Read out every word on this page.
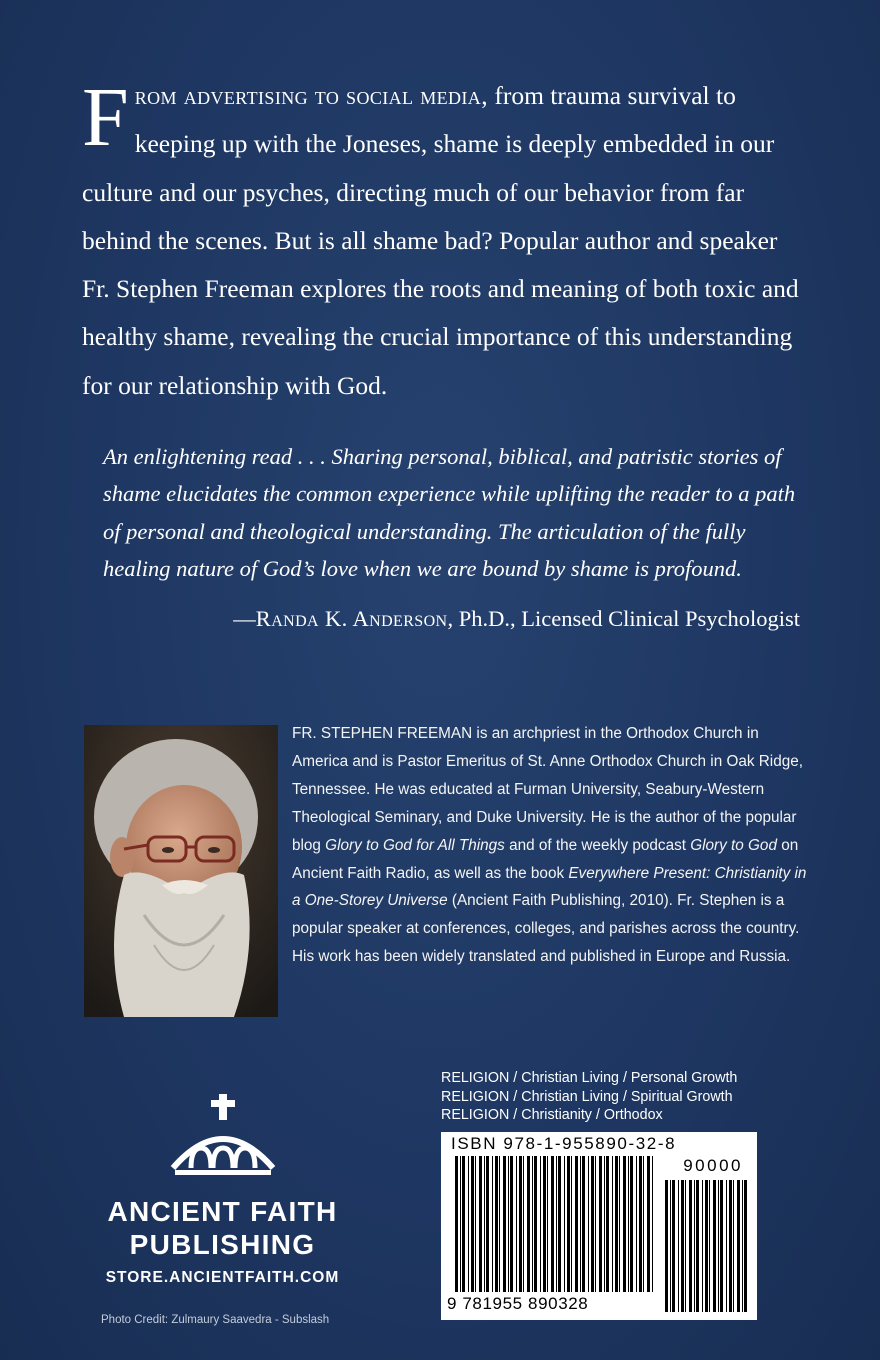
From advertising to social media, from trauma survival to keeping up with the Joneses, shame is deeply embedded in our culture and our psyches, directing much of our behavior from far behind the scenes. But is all shame bad? Popular author and speaker Fr. Stephen Freeman explores the roots and meaning of both toxic and healthy shame, revealing the crucial importance of this understanding for our relationship with God.
An enlightening read . . . Sharing personal, biblical, and patristic stories of shame elucidates the common experience while uplifting the reader to a path of personal and theological understanding. The articulation of the fully healing nature of God’s love when we are bound by shame is profound.
—Randa K. Anderson, Ph.D., Licensed Clinical Psychologist
FR. STEPHEN FREEMAN is an archpriest in the Orthodox Church in America and is Pastor Emeritus of St. Anne Orthodox Church in Oak Ridge, Tennessee. He was educated at Furman University, Seabury-Western Theological Seminary, and Duke University. He is the author of the popular blog Glory to God for All Things and of the weekly podcast Glory to God on Ancient Faith Radio, as well as the book Everywhere Present: Christianity in a One-Storey Universe (Ancient Faith Publishing, 2010). Fr. Stephen is a popular speaker at conferences, colleges, and parishes across the country. His work has been widely translated and published in Europe and Russia.
RELIGION / Christian Living / Personal Growth
RELIGION / Christian Living / Spiritual Growth
RELIGION / Christianity / Orthodox
ISBN 978-1-955890-32-8
90000
9 781955 890328
ANCIENT FAITH
PUBLISHING
STORE.ANCIENTFAITH.COM
Photo Credit: Zulmaury Saavedra - Subslash
